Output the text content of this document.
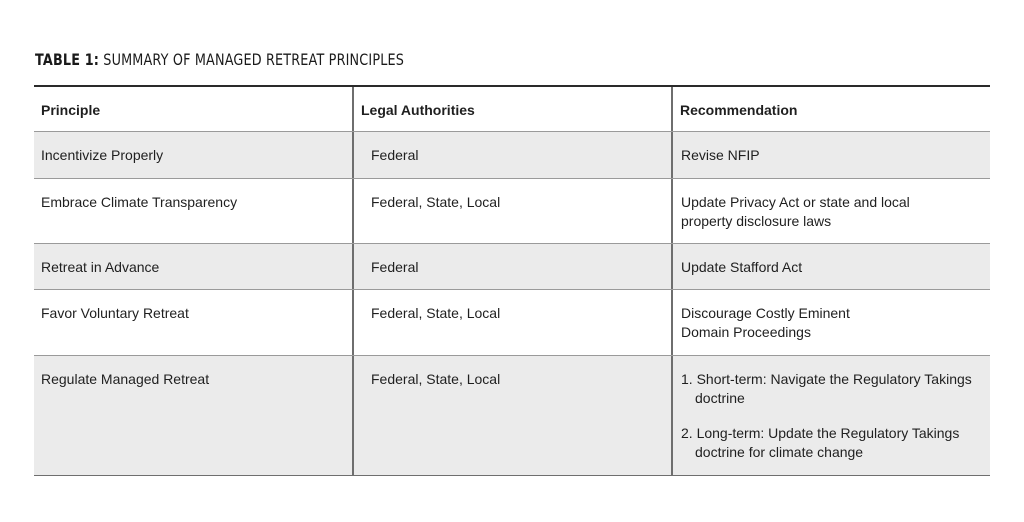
TABLE 1: SUMMARY OF MANAGED RETREAT PRINCIPLES
Principle	Legal Authorities	Recommendation
Incentivize Properly	Federal	Revise NFIP
Embrace Climate Transparency	Federal, State, Local	Update Privacy Act or state and local
property disclosure laws
Retreat in Advance	Federal	Update Stafford Act
Favor Voluntary Retreat	Federal, State, Local	Discourage Costly Eminent
Domain Proceedings
Regulate Managed Retreat	Federal, State, Local	1. Short-term: Navigate the Regulatory Takings doctrine
2. Long-term: Update the Regulatory Takings doctrine for climate change
